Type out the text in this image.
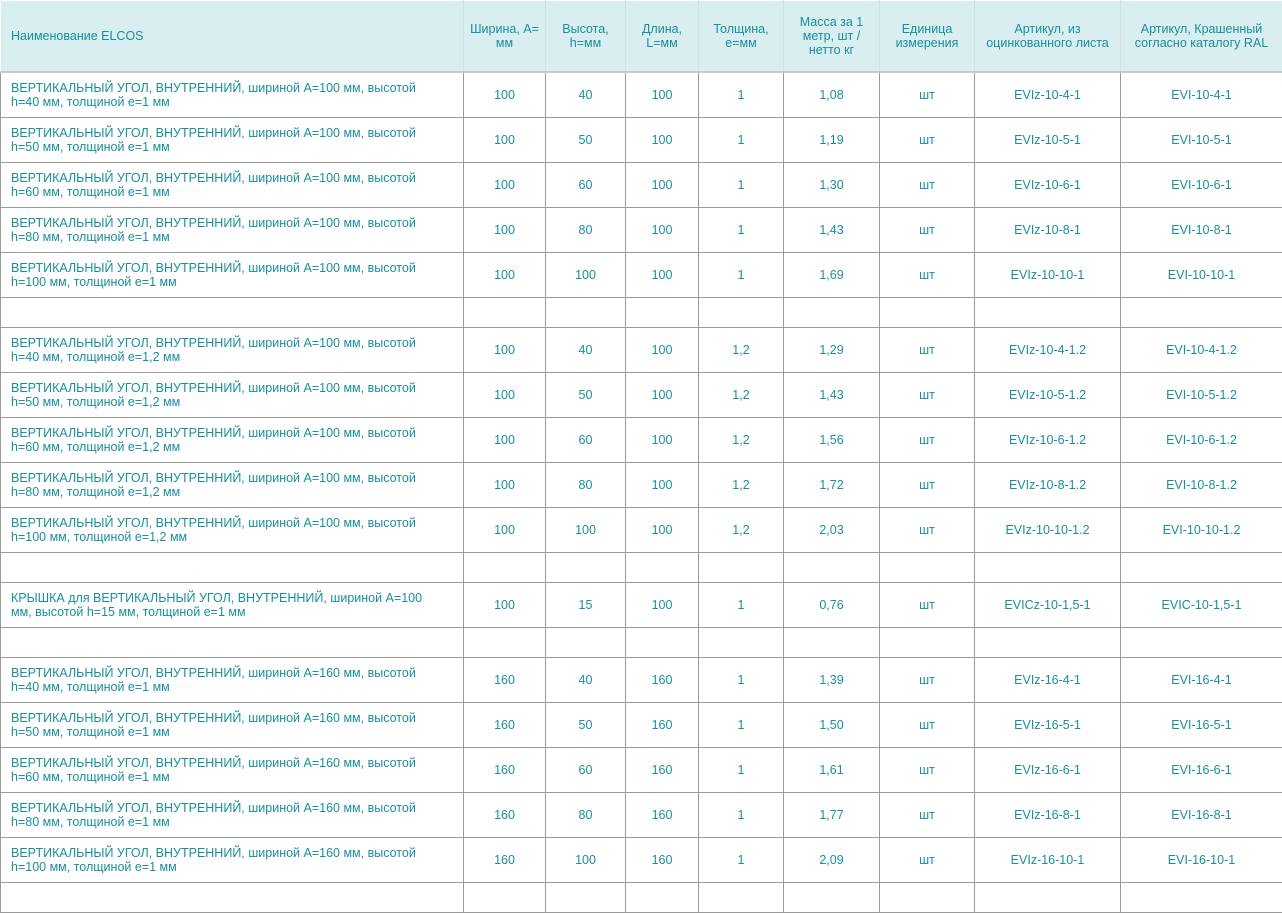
Наименование ELCOS	Ширина, A= мм	Высота, h=мм	Длина, L=мм	Толщина, e=мм	Масса за 1 метр, шт / нетто кг	Единица измерения	Артикул, из оцинкованного листа	Артикул, Крашенный согласно каталогу RAL
ВЕРТИКАЛЬНЫЙ УГОЛ, ВНУТРЕННИЙ, шириной A=100 мм, высотой h=40 мм, толщиной e=1 мм	100	40	100	1	1,08	шт	EVIz-10-4-1	EVI-10-4-1
ВЕРТИКАЛЬНЫЙ УГОЛ, ВНУТРЕННИЙ, шириной A=100 мм, высотой h=50 мм, толщиной e=1 мм	100	50	100	1	1,19	шт	EVIz-10-5-1	EVI-10-5-1
ВЕРТИКАЛЬНЫЙ УГОЛ, ВНУТРЕННИЙ, шириной A=100 мм, высотой h=60 мм, толщиной e=1 мм	100	60	100	1	1,30	шт	EVIz-10-6-1	EVI-10-6-1
ВЕРТИКАЛЬНЫЙ УГОЛ, ВНУТРЕННИЙ, шириной A=100 мм, высотой h=80 мм, толщиной e=1 мм	100	80	100	1	1,43	шт	EVIz-10-8-1	EVI-10-8-1
ВЕРТИКАЛЬНЫЙ УГОЛ, ВНУТРЕННИЙ, шириной A=100 мм, высотой h=100 мм, толщиной e=1 мм	100	100	100	1	1,69	шт	EVIz-10-10-1	EVI-10-10-1

ВЕРТИКАЛЬНЫЙ УГОЛ, ВНУТРЕННИЙ, шириной A=100 мм, высотой h=40 мм, толщиной e=1,2 мм	100	40	100	1,2	1,29	шт	EVIz-10-4-1.2	EVI-10-4-1.2
ВЕРТИКАЛЬНЫЙ УГОЛ, ВНУТРЕННИЙ, шириной A=100 мм, высотой h=50 мм, толщиной e=1,2 мм	100	50	100	1,2	1,43	шт	EVIz-10-5-1.2	EVI-10-5-1.2
ВЕРТИКАЛЬНЫЙ УГОЛ, ВНУТРЕННИЙ, шириной A=100 мм, высотой h=60 мм, толщиной e=1,2 мм	100	60	100	1,2	1,56	шт	EVIz-10-6-1.2	EVI-10-6-1.2
ВЕРТИКАЛЬНЫЙ УГОЛ, ВНУТРЕННИЙ, шириной A=100 мм, высотой h=80 мм, толщиной e=1,2 мм	100	80	100	1,2	1,72	шт	EVIz-10-8-1.2	EVI-10-8-1.2
ВЕРТИКАЛЬНЫЙ УГОЛ, ВНУТРЕННИЙ, шириной A=100 мм, высотой h=100 мм, толщиной e=1,2 мм	100	100	100	1,2	2,03	шт	EVIz-10-10-1.2	EVI-10-10-1.2

КРЫШКА для ВЕРТИКАЛЬНЫЙ УГОЛ, ВНУТРЕННИЙ, шириной A=100 мм, высотой h=15 мм, толщиной e=1 мм	100	15	100	1	0,76	шт	EVICz-10-1,5-1	EVIC-10-1,5-1

ВЕРТИКАЛЬНЫЙ УГОЛ, ВНУТРЕННИЙ, шириной A=160 мм, высотой h=40 мм, толщиной e=1 мм	160	40	160	1	1,39	шт	EVIz-16-4-1	EVI-16-4-1
ВЕРТИКАЛЬНЫЙ УГОЛ, ВНУТРЕННИЙ, шириной A=160 мм, высотой h=50 мм, толщиной e=1 мм	160	50	160	1	1,50	шт	EVIz-16-5-1	EVI-16-5-1
ВЕРТИКАЛЬНЫЙ УГОЛ, ВНУТРЕННИЙ, шириной A=160 мм, высотой h=60 мм, толщиной e=1 мм	160	60	160	1	1,61	шт	EVIz-16-6-1	EVI-16-6-1
ВЕРТИКАЛЬНЫЙ УГОЛ, ВНУТРЕННИЙ, шириной A=160 мм, высотой h=80 мм, толщиной e=1 мм	160	80	160	1	1,77	шт	EVIz-16-8-1	EVI-16-8-1
ВЕРТИКАЛЬНЫЙ УГОЛ, ВНУТРЕННИЙ, шириной A=160 мм, высотой h=100 мм, толщиной e=1 мм	160	100	160	1	2,09	шт	EVIz-16-10-1	EVI-16-10-1
